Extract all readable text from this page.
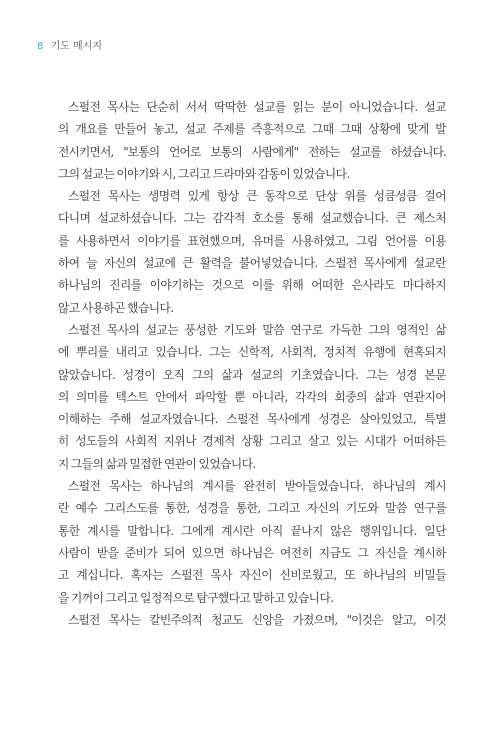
8 기도 메시지

스펄전 목사는 단순히 서서 딱딱한 설교를 읽는 분이 아니었습니다. 설교
의 개요를 만들어 놓고, 설교 주제를 즉흥적으로 그때 그때 상황에 맞게 발
전시키면서, "보통의 언어로 보통의 사람에게" 전하는 설교를 하셨습니다.
그의 설교는 이야기와 시, 그리고 드라마와 감동이 있었습니다.

스펄전 목사는 생명력 있게 항상 큰 동작으로 단상 위를 성큼성큼 걸어
다니며 설교하셨습니다. 그는 감각적 호소를 통해 설교했습니다. 큰 제스처
를 사용하면서 이야기를 표현했으며, 유머를 사용하였고, 그림 언어를 이용
하여 늘 자신의 설교에 큰 활력을 불어넣었습니다. 스펄전 목사에게 설교란
하나님의 진리를 이야기하는 것으로 이를 위해 어떠한 은사라도 마다하지
않고 사용하곤 했습니다.

스펄전 목사의 설교는 풍성한 기도와 말씀 연구로 가득한 그의 영적인 삶
에 뿌리를 내리고 있습니다. 그는 신학적, 사회적, 정치적 유행에 현혹되지
않았습니다. 성경이 오직 그의 삶과 설교의 기초였습니다. 그는 성경 본문
의 의미를 텍스트 안에서 파악할 뿐 아니라, 각각의 회중의 삶과 연관지어
이해하는 주해 설교자였습니다. 스펄전 목사에게 성경은 살아있었고, 특별
히 성도들의 사회적 지위나 경제적 상황 그리고 살고 있는 시대가 어떠하든
지 그들의 삶과 밀접한 연관이 있었습니다.

스펄전 목사는 하나님의 계시를 완전히 받아들였습니다. 하나님의 계시
란 예수 그리스도를 통한, 성경을 통한, 그리고 자신의 기도와 말씀 연구를
통한 계시를 말합니다. 그에게 계시란 아직 끝나지 않은 행위입니다. 일단
사람이 받을 준비가 되어 있으면 하나님은 여전히 지금도 그 자신을 계시하
고 계십니다. 혹자는 스펄전 목사 자신이 신비로웠고, 또 하나님의 비밀들
을 기꺼이 그리고 일정적으로 탐구했다고 말하고 있습니다.

스펄전 목사는 칼빈주의적 청교도 신앙을 가졌으며, "이것은 알고, 이것
